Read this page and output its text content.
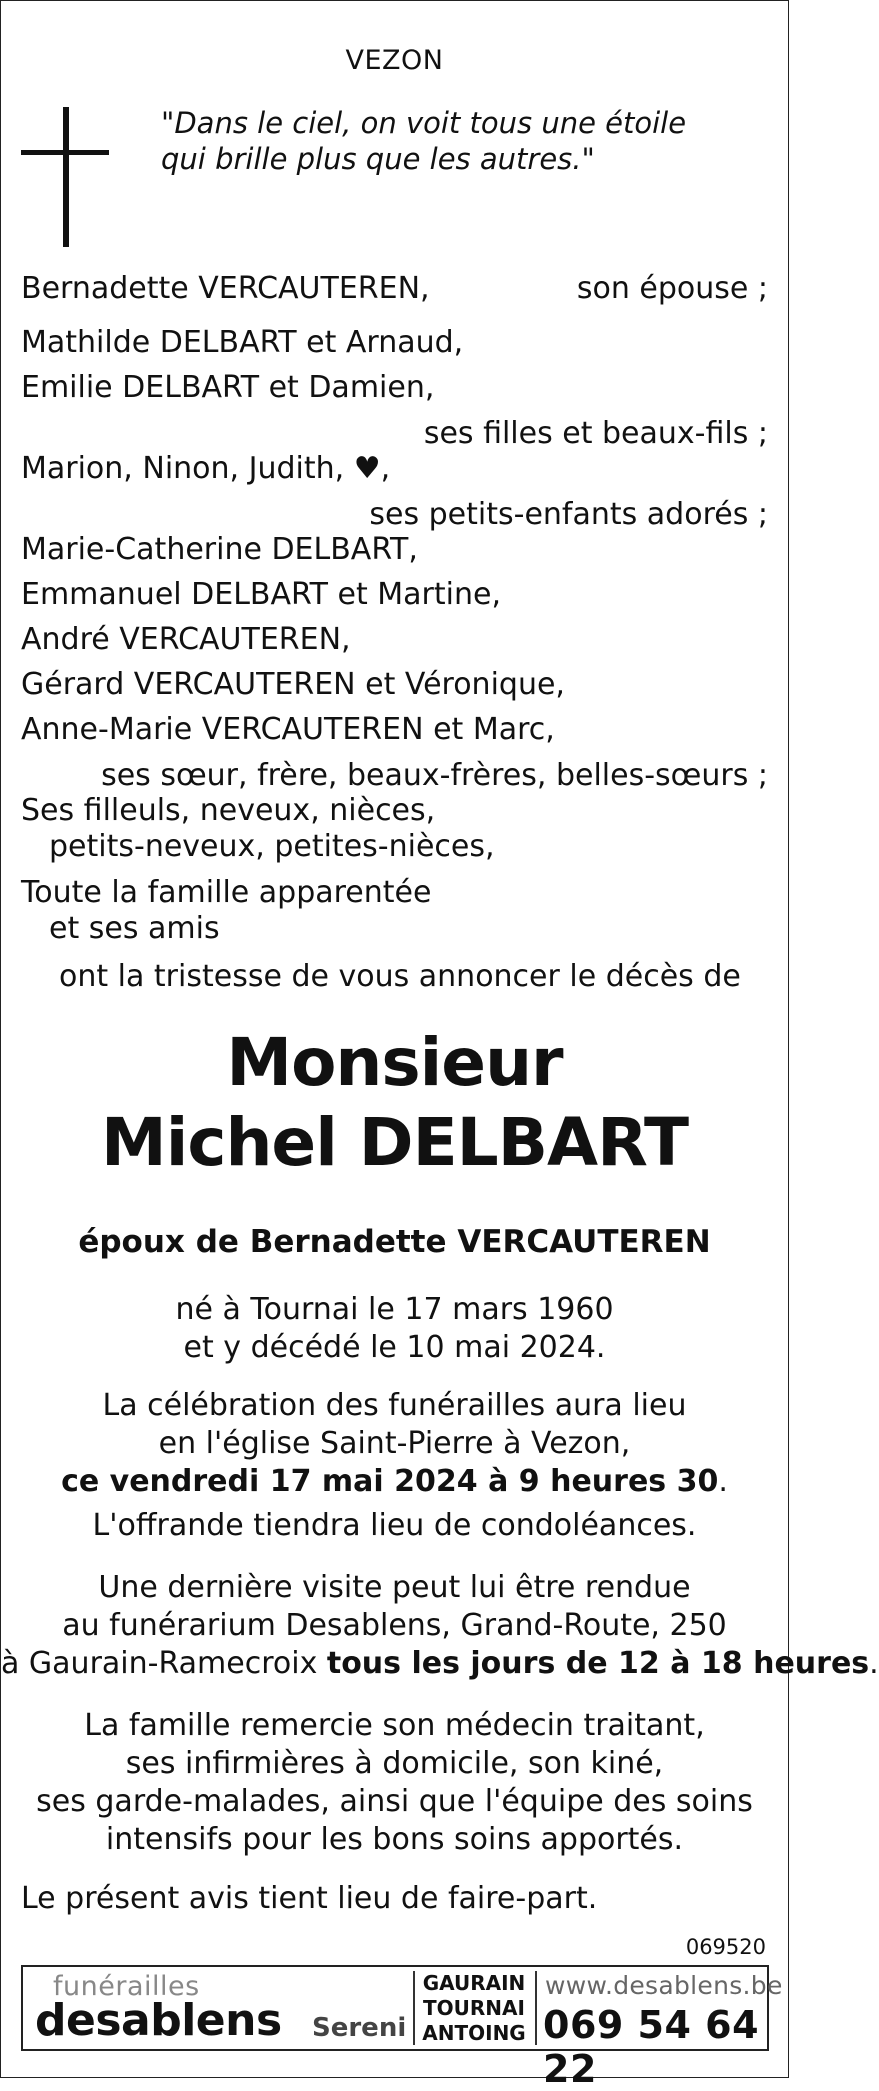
VEZON
"Dans le ciel, on voit tous une étoile
qui brille plus que les autres."
Bernadette VERCAUTEREN,	son épouse ;
Mathilde DELBART et Arnaud,
Emilie DELBART et Damien,
ses filles et beaux-fils ;
Marion, Ninon, Judith, ♥,
ses petits-enfants adorés ;
Marie-Catherine DELBART,
Emmanuel DELBART et Martine,
André VERCAUTEREN,
Gérard VERCAUTEREN et Véronique,
Anne-Marie VERCAUTEREN et Marc,
ses sœur, frère, beaux-frères, belles-sœurs ;
Ses filleuls, neveux, nièces,
petits-neveux, petites-nièces,
Toute la famille apparentée
et ses amis
ont la tristesse de vous annoncer le décès de
Monsieur
Michel DELBART
époux de Bernadette VERCAUTEREN
né à Tournai le 17 mars 1960
et y décédé le 10 mai 2024.
La célébration des funérailles aura lieu
en l'église Saint-Pierre à Vezon,
ce vendredi 17 mai 2024 à 9 heures 30.
L'offrande tiendra lieu de condoléances.
Une dernière visite peut lui être rendue
au funérarium Desablens, Grand-Route, 250
à Gaurain-Ramecroix tous les jours de 12 à 18 heures.
La famille remercie son médecin traitant,
ses infirmières à domicile, son kiné,
ses garde-malades, ainsi que l'équipe des soins
intensifs pour les bons soins apportés.
Le présent avis tient lieu de faire-part.
069520
funérailles
desablens Sereni
GAURAIN
TOURNAI
ANTOING
www.desablens.be
069 54 64 22
